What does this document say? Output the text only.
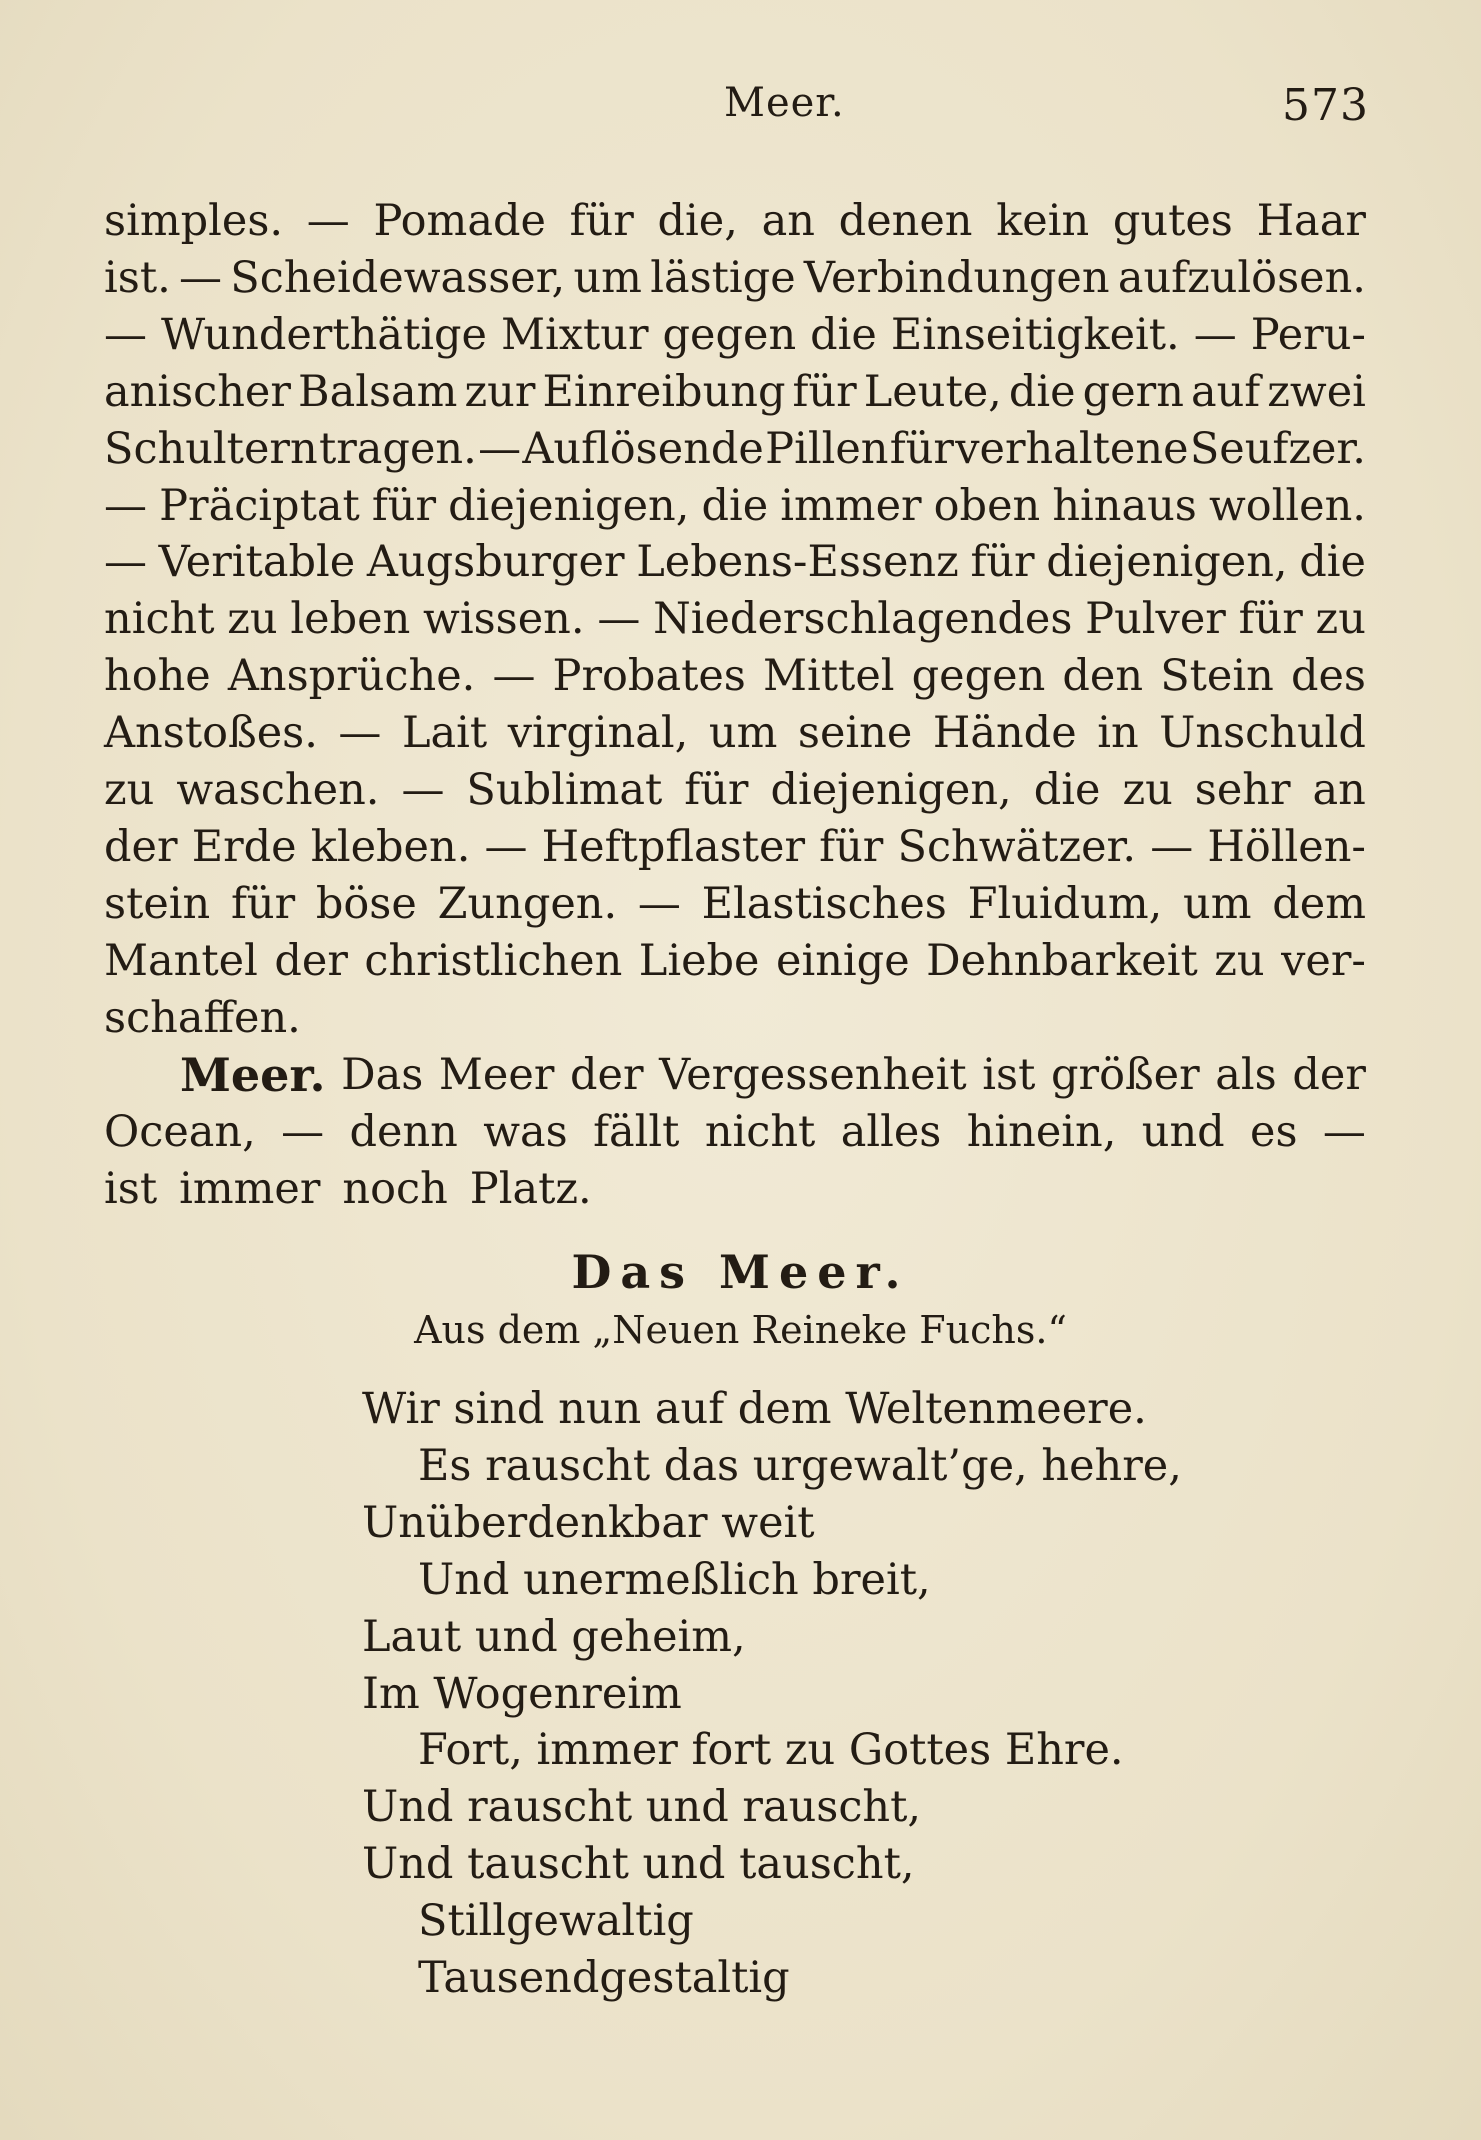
Meer.	573
simples. — Pomade für die, an denen kein gutes Haar
ist. — Scheidewasser, um lästige Verbindungen aufzulösen.
— Wunderthätige Mixtur gegen die Einseitigkeit. — Peru-
anischer Balsam zur Einreibung für Leute, die gern auf zwei
Schultern tragen. — Auflösende Pillen für verhaltene Seufzer.
— Präciptat für diejenigen, die immer oben hinaus wollen.
— Veritable Augsburger Lebens-Essenz für diejenigen, die
nicht zu leben wissen. — Niederschlagendes Pulver für zu
hohe Ansprüche. — Probates Mittel gegen den Stein des
Anstoßes. — Lait virginal, um seine Hände in Unschuld
zu waschen. — Sublimat für diejenigen, die zu sehr an
der Erde kleben. — Heftpflaster für Schwätzer. — Höllen-
stein für böse Zungen. — Elastisches Fluidum, um dem
Mantel der christlichen Liebe einige Dehnbarkeit zu ver-
schaffen.
Meer. Das Meer der Vergessenheit ist größer als der
Ocean, — denn was fällt nicht alles hinein, und es —
ist immer noch Platz.
Das Meer.
Aus dem „Neuen Reineke Fuchs.“
Wir sind nun auf dem Weltenmeere.
Es rauscht das urgewalt’ge, hehre,
Unüberdenkbar weit
Und unermeßlich breit,
Laut und geheim,
Im Wogenreim
Fort, immer fort zu Gottes Ehre.
Und rauscht und rauscht,
Und tauscht und tauscht,
Stillgewaltig
Tausendgestaltig
